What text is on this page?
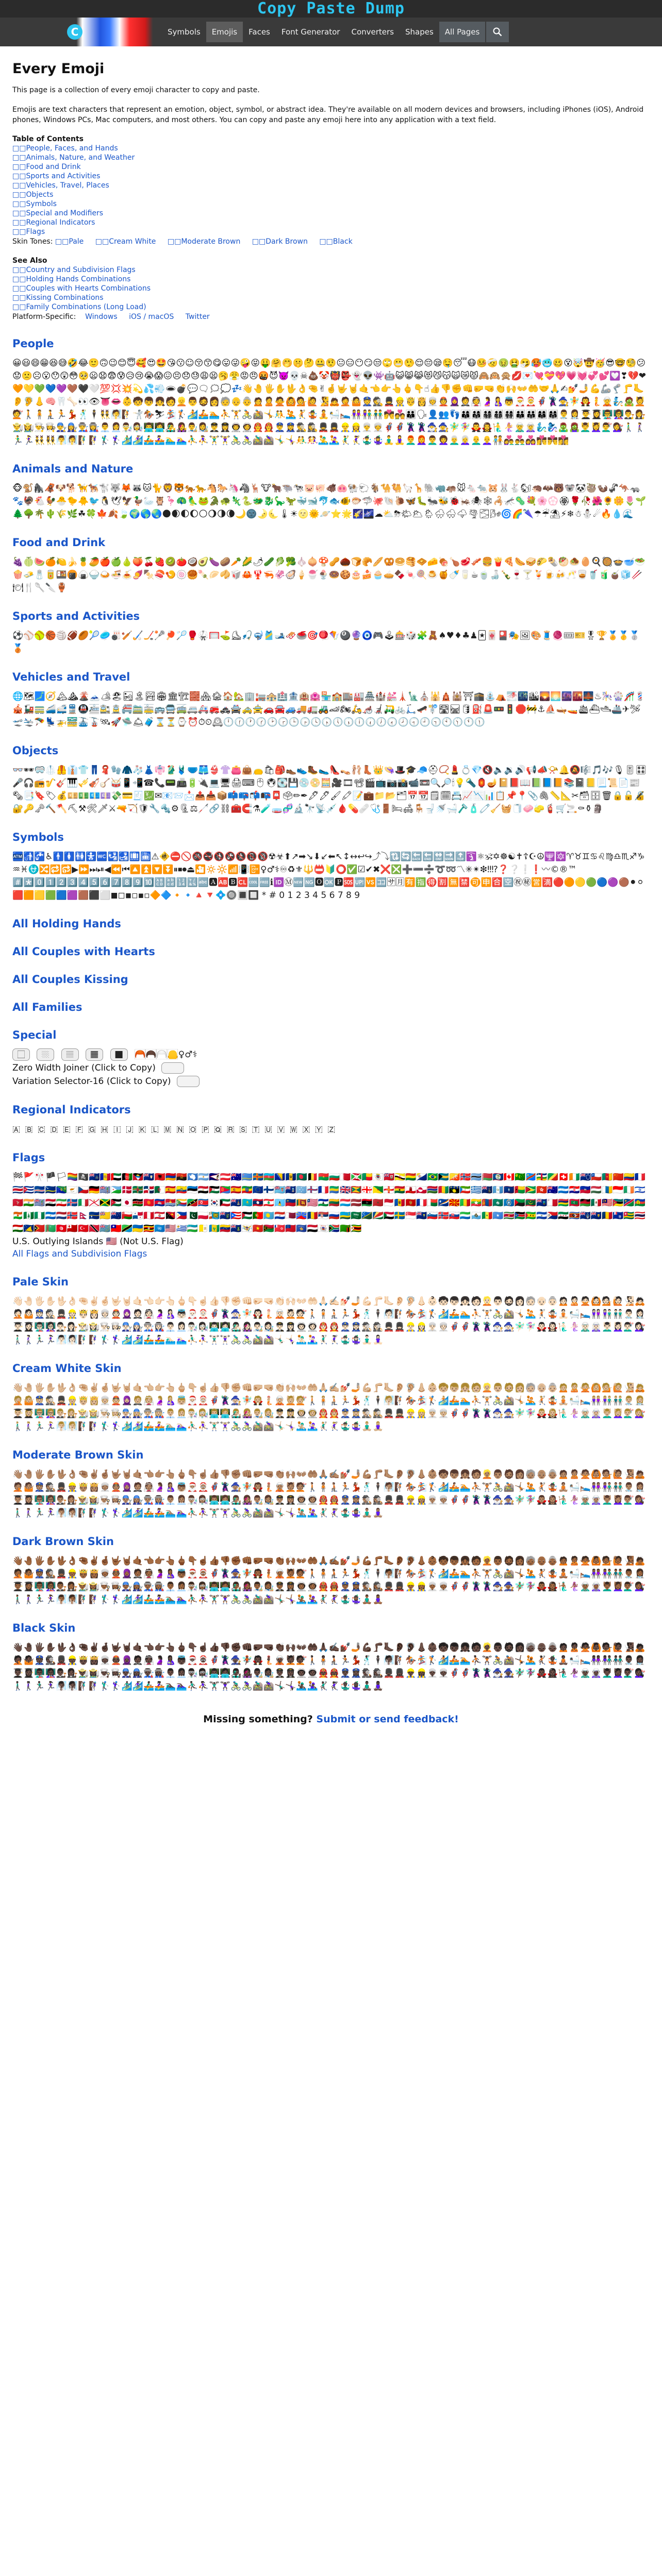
Copy Paste Dump
C	Symbols	Emojis	Faces	Font Generator	Converters	Shapes	All Pages
Every Emoji

This page is a collection of every emoji character to copy and paste.

Emojis are text characters that represent an emotion, object, symbol, or abstract idea. They're available on all modern devices and browsers, including iPhones (iOS), Android phones, Windows PCs, Mac computers, and most others. You can copy and paste any emoji here into any application with a text field.

Table of Contents

□□ People, Faces, and Hands
□□ Animals, Nature, and Weather
□□ Food and Drink
□□ Sports and Activities
□□ Vehicles, Travel, Places
□□ Objects
□□ Symbols
□□ Special and Modifiers
□□ Regional Indicators
□□ Flags
Skin Tones: □□ Pale	□□ Cream White	□□ Moderate Brown	□□ Dark Brown	□□ Black

See Also

□□ Country and Subdivision Flags
□□ Holding Hands Combinations
□□ Couples with Hearts Combinations
□□ Kissing Combinations
□□ Family Combinations (Long Load)
Platform-Specific: Windows iOS / macOS Twitter
People
😀😃😄😁😆😅🤣😂🙂🙃😉😊😇🥰😍🤩😘😗☺😚😙😋😛😜🤪😝🤑🤗🤭🤫🤔🤐🤨😐😑😶😏😒🙄😬🤥😌😔😪🤤😴😷🤒🤕🤢🤮🤧🥵🥶🥴😵🤯🤠🥳😎🤓🧐😕😟🙁☹😮😯😲😳🥺😦😧😨😰😥😢😭😱😖😣😞😓😩😫🥱😤😡😠🤬😈👿💀☠💩🤡👹👺👻👽👾🤖😺😸😹😻😼😽🙀😿😾🙈🙉🙊💋💌💘💝💖💗💓💞💕💟❣💔❤🧡💛💚💙💜🤎🖤🤍💯💢💥💫💦💨🕳💣💬🗨🗯💭💤👋🤚🖐✋🖖👌🤏✌🤞🤟🤘🤙👈👉👆🖕👇☝👍👎✊👊🤛🤜👏🙌👐🤲🤝🙏✍💅🤳💪🦾🦿🦵🦶👂🦻👃🧠🦷🦴👀👁👅👄👶🧒👦👧🧑👱👨🧔👩🧓👴👵🙍🙎🙅🙆💁🙋🧏🙇🤦🤷👮🕵💂👷🤴👸👳👲🧕🤵👰🤰🤱👼🎅🤶🦸🦹🧙🧚🧛🧜🧝🧞🧟💆💇🚶🧍🧎🏃💃🕺🕴👯🧖🧗🤺🏇⛷🏂🏌🏄🚣🏊⛹🏋🚴🚵🤸🤼🤽🤾🤹🧘🛀🛌👭👫👬💏💑👪🗣👤👥👣👨‍👩‍👦👨‍👩‍👧👨‍👩‍👧‍👦👨‍👩‍👦‍👦👨‍👩‍👧‍👧👨‍👨‍👦👨‍👨‍👧👩‍👩‍👦👩‍👩‍👧👨‍⚕️👩‍⚕️👨‍🎓👩‍🎓👨‍🏫👩‍🏫👨‍⚖️👩‍⚖️👨‍🌾👩‍🌾👨‍🍳👩‍🍳👨‍🔧👩‍🔧👨‍🏭👩‍🏭👨‍💼👩‍💼👨‍🔬👩‍🔬👨‍💻👩‍💻👨‍🎤👩‍🎤👨‍🎨👩‍🎨👨‍✈️👩‍✈️👨‍🚀👩‍🚀👨‍🚒👩‍🚒👮‍♂️👮‍♀️🕵️‍♂️🕵️‍♀️💂‍♂️💂‍♀️👷‍♂️👷‍♀️👳‍♂️👳‍♀️🦸‍♂️🦸‍♀️🦹‍♂️🦹‍♀️🧙‍♂️🧙‍♀️🧚‍♂️🧚‍♀️🧛‍♂️🧛‍♀️🧜‍♂️🧜‍♀️🧝‍♂️🧝‍♀️🧞‍♂️🧞‍♀️🧟‍♂️🧟‍♀️💆‍♂️💆‍♀️💇‍♂️💇‍♀️🚶‍♂️🚶‍♀️🏃‍♂️🏃‍♀️👯‍♂️👯‍♀️🧖‍♂️🧖‍♀️🧗‍♂️🧗‍♀️🏌️‍♂️🏌️‍♀️🏄‍♂️🏄‍♀️🚣‍♂️🚣‍♀️🏊‍♂️🏊‍♀️⛹️‍♂️⛹️‍♀️🏋️‍♂️🏋️‍♀️🚴‍♂️🚴‍♀️🚵‍♂️🚵‍♀️🤸‍♂️🤸‍♀️🤼‍♂️🤼‍♀️🤽‍♂️🤽‍♀️🤾‍♂️🤾‍♀️🤹‍♂️🤹‍♀️🧘‍♂️🧘‍♀️👨‍🦰👩‍🦰👨‍🦱👩‍🦱👨‍🦳👩‍🦳👨‍🦲👩‍🦲🧑‍🤝‍🧑👩‍❤️‍👨👨‍❤️‍👨👩‍❤️‍👩👩‍❤️‍💋‍👨👨‍❤️‍💋‍👨👩‍❤️‍💋‍👩
Animals and Nature
🐵🐒🦍🦧🐶🐕🦮🐕‍🦺🐩🐺🦊🦝🐱🐈🦁🐯🐅🐆🐴🐎🦄🦓🦌🐮🐂🐃🐄🐷🐖🐗🐽🐏🐑🐐🐪🐫🦙🦒🐘🦏🦛🐭🐁🐀🐹🐰🐇🐿🦔🦇🐻🐨🐼🦥🦦🦨🦘🦡🐾🦃🐔🐓🐣🐤🐥🐦🐧🕊🦅🦆🦢🦉🦩🦚🦜🐸🐊🐢🦎🐍🐲🐉🦕🦖🐳🐋🐬🐟🐠🐡🦈🐙🐚🐌🦋🐛🐜🐝🐞🦗🕷🕸🦂🦟🦠💐🌸💮🏵🌹🥀🌺🌻🌼🌷🌱🌲🌳🌴🌵🌾🌿☘🍀🍁🍂🍃🌍🌎🌏🌑🌒🌓🌔🌕🌖🌗🌘🌙🌚🌛🌜🌡☀🌝🌞🪐⭐🌟🌠🌌☁⛅⛈🌤🌥🌦🌧🌨🌩🌪🌫🌬🌀🌈🌂☂☔⛱⚡❄☃⛄☄🔥💧🌊
Food and Drink
🍇🍈🍉🍊🍋🍌🍍🥭🍎🍏🍐🍑🍒🍓🥝🍅🥥🥑🍆🥔🥕🌽🌶🥒🥬🥦🧄🧅🍄🥜🌰🍞🥐🥖🥨🥯🥞🧇🧀🍖🍗🥩🥓🍔🍟🍕🌭🥪🌮🌯🥙🧆🥚🍳🥘🍲🥣🥗🍿🧈🧂🥫🍱🍘🍙🍚🍛🍜🍝🍠🍢🍣🍤🍥🥮🍡🥟🥠🥡🦀🦞🦐🦑🦪🍦🍧🍨🍩🍪🎂🍰🧁🥧🍫🍬🍭🍮🍯🍼🥛☕🍵🍶🍾🍷🍸🍹🍺🍻🥂🥃🥤🧃🧉🧊🥢🍽🍴🥄🔪🏺
Sports and Activities
⚽⚾🥎🏀🏐🏈🏉🎾🥏🎳🏏🏑🏒🥍🏓🏸🥊🥋🥅⛳⛸🎣🤿🎽🎿🛷🥌🎯🪀🪁🎱🔮🧿🎮🕹🎰🎲🧩🧸♠♥♦♣♟🃏🀄🎴🎭🖼🎨🧵🧶🎟🎫🎖🏆🏅🥇🥈🥉
Vehicles and Travel
🌐🗺🗾🧭🏔⛰🌋🗻🏕🏖🏜🏝🏞🏟🏛🏗🧱🏘🏚🏠🏡🏢🏣🏤🏥🏦🏨🏩🏪🏫🏬🏭🏯🏰💒🗼🗽⛪🕌🛕🕍⛩🕋⛲⛺🌁🌃🏙🌄🌅🌆🌇🌉♨🎠🎡🎢💈🎪🚂🚃🚄🚅🚆🚇🚈🚉🚊🚝🚞🚋🚌🚍🚎🚐🚑🚒🚓🚔🚕🚖🚗🚘🚙🚚🚛🚜🏎🏍🛵🦽🦼🛺🚲🛴🛹🚏🛣🛤🛢⛽🚨🚥🚦🛑🚧⚓⛵🛶🚤🛳⛴🛥🚢✈🛩🛫🛬🪂💺🚁🚟🚠🚡🛰🚀🛸🛎🧳⌛⏳⌚⏰⏱⏲🕰🕛🕧🕐🕜🕑🕝🕒🕞🕓🕟🕔🕠🕕🕡🕖🕢🕗🕣🕘🕤🕙🕥🕚🕦
Objects
👓🕶🥽🥼🦺👔👕👖🧣🧤🧥🧦👗👘🥻🩱🩲🩳👙👚👛👜👝🛍🎒👞👟🥾🥿👠👡🩰👢👑👒🎩🎓🧢⛑📿💄💍💎🔇🔈🔉🔊📢📣📯🔔🔕🎼🎵🎶🎙🎚🎛🎤🎧📻🎷🎸🎹🎺🎻🪕🥁📱📲☎📞📟📠🔋🔌💻🖥🖨⌨🖱🖲💽💾💿📀🧮🎥🎞📽🎬📺📷📸📹📼🔍🔎🕯💡🔦🏮🪔📔📕📖📗📘📙📚📓📒📃📜📄📰🗞📑🔖🏷💰💴💵💶💷💸💳🧾💹✉📧📨📩📤📥📦📫📪📬📭📮🗳✏✒🖋🖊🖌🖍📝💼📁📂🗂📅📆🗒🗓📇📈📉📊📋📌📍📎🖇📏📐✂🗃🗄🗑🔒🔓🔏🔐🔑🗝🔨🪓⛏⚒🛠🗡⚔🔫🏹🛡🔧🔩⚙🗜⚖🦯🔗⛓🧰🧲⚗🧪🧫🧬🔬🔭📡💉🩸💊🩹🩺🚪🛏🛋🪑🚽🚿🛁🪒🧴🧷🧹🧺🧻🧼🧽🧯🛒🚬⚰⚱🗿
Symbols
🏧🚮🚰♿🚹🚺🚻🚼🚾🛂🛃🛄🛅⚠🚸⛔🚫🚳🚭🚯🚱🚷📵🔞☢☣⬆↗➡↘⬇↙⬅↖↕↔↩↪⤴⤵🔃🔄🔙🔚🔛🔜🔝🛐⚛🕉✡☸☯✝☦☪☮🕎🔯♈♉♊♋♌♍♎♏♐♑♒♓⛎🔀🔁🔂▶⏩⏭⏯◀⏪⏮🔼⏫🔽⏬⏸⏹⏺⏏🎦🔅🔆📶📳📴♀♂⚕♾♻⚜🔱📛🔰⭕✅☑✔✖❌❎➕➖➗➰➿〽✳✴❇‼⁉❓❔❕❗〰©®™#️⃣*️⃣0️⃣1️⃣2️⃣3️⃣4️⃣5️⃣6️⃣7️⃣8️⃣9️⃣🔟🔠🔡🔢🔣🔤🅰🆎🅱🆑🆒🆓ℹ🆔Ⓜ🆕🆖🅾🆗🅿🆘🆙🆚🈁🈂🈷🈶🈯🉐🈹🈚🈲🉑🈸🈴🈳㊗㊙🈺🈵🔴🟠🟡🟢🔵🟣🟤⚫⚪🟥🟧🟨🟩🟦🟪🟫⬛⬜◼◻◾◽▪▫🔶🔷🔸🔹🔺🔻💠🔘🔳🔲 * # 0 1 2 3 4 5 6 7 8 9
All Holding Hands
All Couples with Hearts
All Couples Kissing
All Families
Special
🏻 🏼 🏽 🏾 🏿 🦰🦱🦳🦲♀♂⚕
Zero Width Joiner (Click to Copy)
Variation Selector-16 (Click to Copy)
Regional Indicators
🇦 🇧 🇨 🇩 🇪 🇫 🇬 🇭 🇮 🇯 🇰 🇱 🇲 🇳 🇴 🇵 🇶 🇷 🇸 🇹 🇺 🇻 🇼 🇽 🇾 🇿
Flags
🏁🚩🎌🏴🏳🏳️‍🌈🏴‍☠️🇦🇨🇦🇩🇦🇪🇦🇫🇦🇬🇦🇮🇦🇱🇦🇲🇦🇴🇦🇶🇦🇷🇦🇸🇦🇹🇦🇺🇦🇼🇦🇽🇦🇿🇧🇦🇧🇧🇧🇩🇧🇪🇧🇫🇧🇬🇧🇭🇧🇮🇧🇯🇧🇱🇧🇲🇧🇳🇧🇴🇧🇶🇧🇷🇧🇸🇧🇹🇧🇻🇧🇼🇧🇾🇧🇿🇨🇦🇨🇨🇨🇩🇨🇫🇨🇬🇨🇭🇨🇮🇨🇰🇨🇱🇨🇲🇨🇳🇨🇴🇨🇵🇨🇷🇨🇺🇨🇻🇨🇼🇨🇽🇨🇾🇨🇿🇩🇪🇩🇬🇩🇯🇩🇰🇩🇲🇩🇴🇩🇿🇪🇦🇪🇨🇪🇪🇪🇬🇪🇭🇪🇷🇪🇸🇪🇹🇪🇺🇫🇮🇫🇯🇫🇰🇫🇲🇫🇴🇫🇷🇬🇦🇬🇧🇬🇩🇬🇪🇬🇫🇬🇬🇬🇭🇬🇮🇬🇱🇬🇲🇬🇳🇬🇵🇬🇶🇬🇷🇬🇸🇬🇹🇬🇺🇬🇼🇬🇾🇭🇰🇭🇲🇭🇳🇭🇷🇭🇹🇭🇺🇮🇨🇮🇩🇮🇪🇮🇱🇮🇲🇮🇳🇮🇴🇮🇶🇮🇷🇮🇸🇮🇹🇯🇪🇯🇲🇯🇴🇯🇵🇰🇪🇰🇬🇰🇭🇰🇮🇰🇲🇰🇳🇰🇵🇰🇷🇰🇼🇰🇾🇰🇿🇱🇦🇱🇧🇱🇨🇱🇮🇱🇰🇱🇷🇱🇸🇱🇹🇱🇺🇱🇻🇱🇾🇲🇦🇲🇨🇲🇩🇲🇪🇲🇫🇲🇬🇲🇭🇲🇰🇲🇱🇲🇲🇲🇳🇲🇴🇲🇵🇲🇶🇲🇷🇲🇸🇲🇹🇲🇺🇲🇻🇲🇼🇲🇽🇲🇾🇲🇿🇳🇦🇳🇨🇳🇪🇳🇫🇳🇬🇳🇮🇳🇱🇳🇴🇳🇵🇳🇷🇳🇺🇳🇿🇴🇲🇵🇦🇵🇪🇵🇫🇵🇬🇵🇭🇵🇰🇵🇱🇵🇲🇵🇳🇵🇷🇵🇸🇵🇹🇵🇼🇵🇾🇶🇦🇷🇪🇷🇴🇷🇸🇷🇺🇷🇼🇸🇦🇸🇧🇸🇨🇸🇩🇸🇪🇸🇬🇸🇭🇸🇮🇸🇯🇸🇰🇸🇱🇸🇲🇸🇳🇸🇴🇸🇷🇸🇸🇸🇹🇸🇻🇸🇽🇸🇾🇸🇿🇹🇦🇹🇨🇹🇩🇹🇫🇹🇬🇹🇭🇹🇯🇹🇰🇹🇱🇹🇲🇹🇳🇹🇴🇹🇷🇹🇹🇹🇻🇹🇼🇹🇿🇺🇦🇺🇬🇺🇳🇺🇸🇺🇾🇺🇿🇻🇦🇻🇨🇻🇪🇻🇬🇻🇮🇻🇳🇻🇺🇼🇫🇼🇸🇽🇰🇾🇪🇾🇹🇿🇦🇿🇲🇿🇼
U.S. Outlying Islands 🇺🇲 (Not U.S. Flag)
All Flags and Subdivision Flags
Pale Skin
👋🏻🤚🏻🖐🏻✋🏻🖖🏻👌🏻🤏🏻✌🏻🤞🏻🤟🏻🤘🏻🤙🏻👈🏻👉🏻👆🏻🖕🏻👇🏻☝🏻👍🏻👎🏻✊🏻👊🏻🤛🏻🤜🏻👏🏻🙌🏻👐🏻🤲🏻🙏🏻✍🏻💅🏻🤳🏻💪🏻🦵🏻🦶🏻👂🏻🦻🏻👃🏻👶🏻🧒🏻👦🏻👧🏻🧑🏻👱🏻👨🏻🧔🏻👩🏻🧓🏻👴🏻👵🏻🙍🏻🙎🏻🙅🏻🙆🏻💁🏻🙋🏻🧏🏻🙇🏻🤦🏻🤷🏻👮🏻🕵🏻💂🏻👷🏻🤴🏻👸🏻👳🏻👲🏻🧕🏻🤵🏻👰🏻🤰🏻🤱🏻👼🏻🎅🏻🤶🏻🦸🏻🦹🏻🧙🏻🧚🏻🧛🏻🧜🏻🧝🏻💆🏻💇🏻🚶🏻🧍🏻🧎🏻🏃🏻💃🏻🕺🏻🕴🏻🧖🏻🧗🏻🏇🏻🏂🏻🏌🏻🏄🏻🚣🏻🏊🏻⛹🏻🏋🏻🚴🏻🚵🏻🤸🏻🤽🏻🤾🏻🤹🏻🧘🏻🛀🏻🛌🏻👭🏻👫🏻👬🏻👨🏻‍⚕️👩🏻‍⚕️👨🏻‍🎓👩🏻‍🎓👨🏻‍🏫👩🏻‍🏫👨🏻‍⚖️👩🏻‍⚖️👨🏻‍🌾👩🏻‍🌾👨🏻‍🍳👩🏻‍🍳👨🏻‍🔧👩🏻‍🔧👨🏻‍🏭👩🏻‍🏭👨🏻‍💼👩🏻‍💼👨🏻‍🔬👩🏻‍🔬👨🏻‍💻👩🏻‍💻👨🏻‍🎤👩🏻‍🎤👨🏻‍🎨👩🏻‍🎨👨🏻‍✈️👩🏻‍✈️👨🏻‍🚀👩🏻‍🚀👨🏻‍🚒👩🏻‍🚒👮🏻‍♂️👮🏻‍♀️🕵🏻‍♂️🕵🏻‍♀️💂🏻‍♂️💂🏻‍♀️👷🏻‍♂️👷🏻‍♀️👳🏻‍♂️👳🏻‍♀️🦸🏻‍♂️🦸🏻‍♀️🦹🏻‍♂️🦹🏻‍♀️🧙🏻‍♂️🧙🏻‍♀️🧚🏻‍♂️🧚🏻‍♀️🧛🏻‍♂️🧛🏻‍♀️🧜🏻‍♂️🧜🏻‍♀️🧝🏻‍♂️🧝🏻‍♀️💆🏻‍♂️💆🏻‍♀️💇🏻‍♂️💇🏻‍♀️🚶🏻‍♂️🚶🏻‍♀️🏃🏻‍♂️🏃🏻‍♀️🧖🏻‍♂️🧖🏻‍♀️🧗🏻‍♂️🧗🏻‍♀️🏌🏻‍♂️🏌🏻‍♀️🏄🏻‍♂️🏄🏻‍♀️🚣🏻‍♂️🚣🏻‍♀️🏊🏻‍♂️🏊🏻‍♀️⛹🏻‍♂️⛹🏻‍♀️🏋🏻‍♂️🏋🏻‍♀️🚴🏻‍♂️🚴🏻‍♀️🚵🏻‍♂️🚵🏻‍♀️🤸🏻‍♂️🤸🏻‍♀️🤽🏻‍♂️🤽🏻‍♀️🤾🏻‍♂️🤾🏻‍♀️🤹🏻‍♂️🤹🏻‍♀️🧘🏻‍♂️🧘🏻‍♀️
Cream White Skin
👋🏼🤚🏼🖐🏼✋🏼🖖🏼👌🏼🤏🏼✌🏼🤞🏼🤟🏼🤘🏼🤙🏼👈🏼👉🏼👆🏼🖕🏼👇🏼☝🏼👍🏼👎🏼✊🏼👊🏼🤛🏼🤜🏼👏🏼🙌🏼👐🏼🤲🏼🙏🏼✍🏼💅🏼🤳🏼💪🏼🦵🏼🦶🏼👂🏼🦻🏼👃🏼👶🏼🧒🏼👦🏼👧🏼🧑🏼👱🏼👨🏼🧔🏼👩🏼🧓🏼👴🏼👵🏼🙍🏼🙎🏼🙅🏼🙆🏼💁🏼🙋🏼🧏🏼🙇🏼🤦🏼🤷🏼👮🏼🕵🏼💂🏼👷🏼🤴🏼👸🏼👳🏼👲🏼🧕🏼🤵🏼👰🏼🤰🏼🤱🏼👼🏼🎅🏼🤶🏼🦸🏼🦹🏼🧙🏼🧚🏼🧛🏼🧜🏼🧝🏼💆🏼💇🏼🚶🏼🧍🏼🧎🏼🏃🏼💃🏼🕺🏼🕴🏼🧖🏼🧗🏼🏇🏼🏂🏼🏌🏼🏄🏼🚣🏼🏊🏼⛹🏼🏋🏼🚴🏼🚵🏼🤸🏼🤽🏼🤾🏼🤹🏼🧘🏼🛀🏼🛌🏼👭🏼👫🏼👬🏼👨🏼‍⚕️👩🏼‍⚕️👨🏼‍🎓👩🏼‍🎓👨🏼‍🏫👩🏼‍🏫👨🏼‍⚖️👩🏼‍⚖️👨🏼‍🌾👩🏼‍🌾👨🏼‍🍳👩🏼‍🍳👨🏼‍🔧👩🏼‍🔧👨🏼‍🏭👩🏼‍🏭👨🏼‍💼👩🏼‍💼👨🏼‍🔬👩🏼‍🔬👨🏼‍💻👩🏼‍💻👨🏼‍🎤👩🏼‍🎤👨🏼‍🎨👩🏼‍🎨👨🏼‍✈️👩🏼‍✈️👨🏼‍🚀👩🏼‍🚀👨🏼‍🚒👩🏼‍🚒👮🏼‍♂️👮🏼‍♀️🕵🏼‍♂️🕵🏼‍♀️💂🏼‍♂️💂🏼‍♀️👷🏼‍♂️👷🏼‍♀️👳🏼‍♂️👳🏼‍♀️🦸🏼‍♂️🦸🏼‍♀️🦹🏼‍♂️🦹🏼‍♀️🧙🏼‍♂️🧙🏼‍♀️🧚🏼‍♂️🧚🏼‍♀️🧛🏼‍♂️🧛🏼‍♀️🧜🏼‍♂️🧜🏼‍♀️🧝🏼‍♂️🧝🏼‍♀️💆🏼‍♂️💆🏼‍♀️💇🏼‍♂️💇🏼‍♀️🚶🏼‍♂️🚶🏼‍♀️🏃🏼‍♂️🏃🏼‍♀️🧖🏼‍♂️🧖🏼‍♀️🧗🏼‍♂️🧗🏼‍♀️🏌🏼‍♂️🏌🏼‍♀️🏄🏼‍♂️🏄🏼‍♀️🚣🏼‍♂️🚣🏼‍♀️🏊🏼‍♂️🏊🏼‍♀️⛹🏼‍♂️⛹🏼‍♀️🏋🏼‍♂️🏋🏼‍♀️🚴🏼‍♂️🚴🏼‍♀️🚵🏼‍♂️🚵🏼‍♀️🤸🏼‍♂️🤸🏼‍♀️🤽🏼‍♂️🤽🏼‍♀️🤾🏼‍♂️🤾🏼‍♀️🤹🏼‍♂️🤹🏼‍♀️🧘🏼‍♂️🧘🏼‍♀️
Moderate Brown Skin
👋🏽🤚🏽🖐🏽✋🏽🖖🏽👌🏽🤏🏽✌🏽🤞🏽🤟🏽🤘🏽🤙🏽👈🏽👉🏽👆🏽🖕🏽👇🏽☝🏽👍🏽👎🏽✊🏽👊🏽🤛🏽🤜🏽👏🏽🙌🏽👐🏽🤲🏽🙏🏽✍🏽💅🏽🤳🏽💪🏽🦵🏽🦶🏽👂🏽🦻🏽👃🏽👶🏽🧒🏽👦🏽👧🏽🧑🏽👱🏽👨🏽🧔🏽👩🏽🧓🏽👴🏽👵🏽🙍🏽🙎🏽🙅🏽🙆🏽💁🏽🙋🏽🧏🏽🙇🏽🤦🏽🤷🏽👮🏽🕵🏽💂🏽👷🏽🤴🏽👸🏽👳🏽👲🏽🧕🏽🤵🏽👰🏽🤰🏽🤱🏽👼🏽🎅🏽🤶🏽🦸🏽🦹🏽🧙🏽🧚🏽🧛🏽🧜🏽🧝🏽💆🏽💇🏽🚶🏽🧍🏽🧎🏽🏃🏽💃🏽🕺🏽🕴🏽🧖🏽🧗🏽🏇🏽🏂🏽🏌🏽🏄🏽🚣🏽🏊🏽⛹🏽🏋🏽🚴🏽🚵🏽🤸🏽🤽🏽🤾🏽🤹🏽🧘🏽🛀🏽🛌🏽👭🏽👫🏽👬🏽👨🏽‍⚕️👩🏽‍⚕️👨🏽‍🎓👩🏽‍🎓👨🏽‍🏫👩🏽‍🏫👨🏽‍⚖️👩🏽‍⚖️👨🏽‍🌾👩🏽‍🌾👨🏽‍🍳👩🏽‍🍳👨🏽‍🔧👩🏽‍🔧👨🏽‍🏭👩🏽‍🏭👨🏽‍💼👩🏽‍💼👨🏽‍🔬👩🏽‍🔬👨🏽‍💻👩🏽‍💻👨🏽‍🎤👩🏽‍🎤👨🏽‍🎨👩🏽‍🎨👨🏽‍✈️👩🏽‍✈️👨🏽‍🚀👩🏽‍🚀👨🏽‍🚒👩🏽‍🚒👮🏽‍♂️👮🏽‍♀️🕵🏽‍♂️🕵🏽‍♀️💂🏽‍♂️💂🏽‍♀️👷🏽‍♂️👷🏽‍♀️👳🏽‍♂️👳🏽‍♀️🦸🏽‍♂️🦸🏽‍♀️🦹🏽‍♂️🦹🏽‍♀️🧙🏽‍♂️🧙🏽‍♀️🧚🏽‍♂️🧚🏽‍♀️🧛🏽‍♂️🧛🏽‍♀️🧜🏽‍♂️🧜🏽‍♀️🧝🏽‍♂️🧝🏽‍♀️💆🏽‍♂️💆🏽‍♀️💇🏽‍♂️💇🏽‍♀️🚶🏽‍♂️🚶🏽‍♀️🏃🏽‍♂️🏃🏽‍♀️🧖🏽‍♂️🧖🏽‍♀️🧗🏽‍♂️🧗🏽‍♀️🏌🏽‍♂️🏌🏽‍♀️🏄🏽‍♂️🏄🏽‍♀️🚣🏽‍♂️🚣🏽‍♀️🏊🏽‍♂️🏊🏽‍♀️⛹🏽‍♂️⛹🏽‍♀️🏋🏽‍♂️🏋🏽‍♀️🚴🏽‍♂️🚴🏽‍♀️🚵🏽‍♂️🚵🏽‍♀️🤸🏽‍♂️🤸🏽‍♀️🤽🏽‍♂️🤽🏽‍♀️🤾🏽‍♂️🤾🏽‍♀️🤹🏽‍♂️🤹🏽‍♀️🧘🏽‍♂️🧘🏽‍♀️
Dark Brown Skin
👋🏾🤚🏾🖐🏾✋🏾🖖🏾👌🏾🤏🏾✌🏾🤞🏾🤟🏾🤘🏾🤙🏾👈🏾👉🏾👆🏾🖕🏾👇🏾☝🏾👍🏾👎🏾✊🏾👊🏾🤛🏾🤜🏾👏🏾🙌🏾👐🏾🤲🏾🙏🏾✍🏾💅🏾🤳🏾💪🏾🦵🏾🦶🏾👂🏾🦻🏾👃🏾👶🏾🧒🏾👦🏾👧🏾🧑🏾👱🏾👨🏾🧔🏾👩🏾🧓🏾👴🏾👵🏾🙍🏾🙎🏾🙅🏾🙆🏾💁🏾🙋🏾🧏🏾🙇🏾🤦🏾🤷🏾👮🏾🕵🏾💂🏾👷🏾🤴🏾👸🏾👳🏾👲🏾🧕🏾🤵🏾👰🏾🤰🏾🤱🏾👼🏾🎅🏾🤶🏾🦸🏾🦹🏾🧙🏾🧚🏾🧛🏾🧜🏾🧝🏾💆🏾💇🏾🚶🏾🧍🏾🧎🏾🏃🏾💃🏾🕺🏾🕴🏾🧖🏾🧗🏾🏇🏾🏂🏾🏌🏾🏄🏾🚣🏾🏊🏾⛹🏾🏋🏾🚴🏾🚵🏾🤸🏾🤽🏾🤾🏾🤹🏾🧘🏾🛀🏾🛌🏾👭🏾👫🏾👬🏾👨🏾‍⚕️👩🏾‍⚕️👨🏾‍🎓👩🏾‍🎓👨🏾‍🏫👩🏾‍🏫👨🏾‍⚖️👩🏾‍⚖️👨🏾‍🌾👩🏾‍🌾👨🏾‍🍳👩🏾‍🍳👨🏾‍🔧👩🏾‍🔧👨🏾‍🏭👩🏾‍🏭👨🏾‍💼👩🏾‍💼👨🏾‍🔬👩🏾‍🔬👨🏾‍💻👩🏾‍💻👨🏾‍🎤👩🏾‍🎤👨🏾‍🎨👩🏾‍🎨👨🏾‍✈️👩🏾‍✈️👨🏾‍🚀👩🏾‍🚀👨🏾‍🚒👩🏾‍🚒👮🏾‍♂️👮🏾‍♀️🕵🏾‍♂️🕵🏾‍♀️💂🏾‍♂️💂🏾‍♀️👷🏾‍♂️👷🏾‍♀️👳🏾‍♂️👳🏾‍♀️🦸🏾‍♂️🦸🏾‍♀️🦹🏾‍♂️🦹🏾‍♀️🧙🏾‍♂️🧙🏾‍♀️🧚🏾‍♂️🧚🏾‍♀️🧛🏾‍♂️🧛🏾‍♀️🧜🏾‍♂️🧜🏾‍♀️🧝🏾‍♂️🧝🏾‍♀️💆🏾‍♂️💆🏾‍♀️💇🏾‍♂️💇🏾‍♀️🚶🏾‍♂️🚶🏾‍♀️🏃🏾‍♂️🏃🏾‍♀️🧖🏾‍♂️🧖🏾‍♀️🧗🏾‍♂️🧗🏾‍♀️🏌🏾‍♂️🏌🏾‍♀️🏄🏾‍♂️🏄🏾‍♀️🚣🏾‍♂️🚣🏾‍♀️🏊🏾‍♂️🏊🏾‍♀️⛹🏾‍♂️⛹🏾‍♀️🏋🏾‍♂️🏋🏾‍♀️🚴🏾‍♂️🚴🏾‍♀️🚵🏾‍♂️🚵🏾‍♀️🤸🏾‍♂️🤸🏾‍♀️🤽🏾‍♂️🤽🏾‍♀️🤾🏾‍♂️🤾🏾‍♀️🤹🏾‍♂️🤹🏾‍♀️🧘🏾‍♂️🧘🏾‍♀️
Black Skin
👋🏿🤚🏿🖐🏿✋🏿🖖🏿👌🏿🤏🏿✌🏿🤞🏿🤟🏿🤘🏿🤙🏿👈🏿👉🏿👆🏿🖕🏿👇🏿☝🏿👍🏿👎🏿✊🏿👊🏿🤛🏿🤜🏿👏🏿🙌🏿👐🏿🤲🏿🙏🏿✍🏿💅🏿🤳🏿💪🏿🦵🏿🦶🏿👂🏿🦻🏿👃🏿👶🏿🧒🏿👦🏿👧🏿🧑🏿👱🏿👨🏿🧔🏿👩🏿🧓🏿👴🏿👵🏿🙍🏿🙎🏿🙅🏿🙆🏿💁🏿🙋🏿🧏🏿🙇🏿🤦🏿🤷🏿👮🏿🕵🏿💂🏿👷🏿🤴🏿👸🏿👳🏿👲🏿🧕🏿🤵🏿👰🏿🤰🏿🤱🏿👼🏿🎅🏿🤶🏿🦸🏿🦹🏿🧙🏿🧚🏿🧛🏿🧜🏿🧝🏿💆🏿💇🏿🚶🏿🧍🏿🧎🏿🏃🏿💃🏿🕺🏿🕴🏿🧖🏿🧗🏿🏇🏿🏂🏿🏌🏿🏄🏿🚣🏿🏊🏿⛹🏿🏋🏿🚴🏿🚵🏿🤸🏿🤽🏿🤾🏿🤹🏿🧘🏿🛀🏿🛌🏿👭🏿👫🏿👬🏿👨🏿‍⚕️👩🏿‍⚕️👨🏿‍🎓👩🏿‍🎓👨🏿‍🏫👩🏿‍🏫👨🏿‍⚖️👩🏿‍⚖️👨🏿‍🌾👩🏿‍🌾👨🏿‍🍳👩🏿‍🍳👨🏿‍🔧👩🏿‍🔧👨🏿‍🏭👩🏿‍🏭👨🏿‍💼👩🏿‍💼👨🏿‍🔬👩🏿‍🔬👨🏿‍💻👩🏿‍💻👨🏿‍🎤👩🏿‍🎤👨🏿‍🎨👩🏿‍🎨👨🏿‍✈️👩🏿‍✈️👨🏿‍🚀👩🏿‍🚀👨🏿‍🚒👩🏿‍🚒👮🏿‍♂️👮🏿‍♀️🕵🏿‍♂️🕵🏿‍♀️💂🏿‍♂️💂🏿‍♀️👷🏿‍♂️👷🏿‍♀️👳🏿‍♂️👳🏿‍♀️🦸🏿‍♂️🦸🏿‍♀️🦹🏿‍♂️🦹🏿‍♀️🧙🏿‍♂️🧙🏿‍♀️🧚🏿‍♂️🧚🏿‍♀️🧛🏿‍♂️🧛🏿‍♀️🧜🏿‍♂️🧜🏿‍♀️🧝🏿‍♂️🧝🏿‍♀️💆🏿‍♂️💆🏿‍♀️💇🏿‍♂️💇🏿‍♀️🚶🏿‍♂️🚶🏿‍♀️🏃🏿‍♂️🏃🏿‍♀️🧖🏿‍♂️🧖🏿‍♀️🧗🏿‍♂️🧗🏿‍♀️🏌🏿‍♂️🏌🏿‍♀️🏄🏿‍♂️🏄🏿‍♀️🚣🏿‍♂️🚣🏿‍♀️🏊🏿‍♂️🏊🏿‍♀️⛹🏿‍♂️⛹🏿‍♀️🏋🏿‍♂️🏋🏿‍♀️🚴🏿‍♂️🚴🏿‍♀️🚵🏿‍♂️🚵🏿‍♀️🤸🏿‍♂️🤸🏿‍♀️🤽🏿‍♂️🤽🏿‍♀️🤾🏿‍♂️🤾🏿‍♀️🤹🏿‍♂️🤹🏿‍♀️🧘🏿‍♂️🧘🏿‍♀️
Missing something? Submit or send feedback!
